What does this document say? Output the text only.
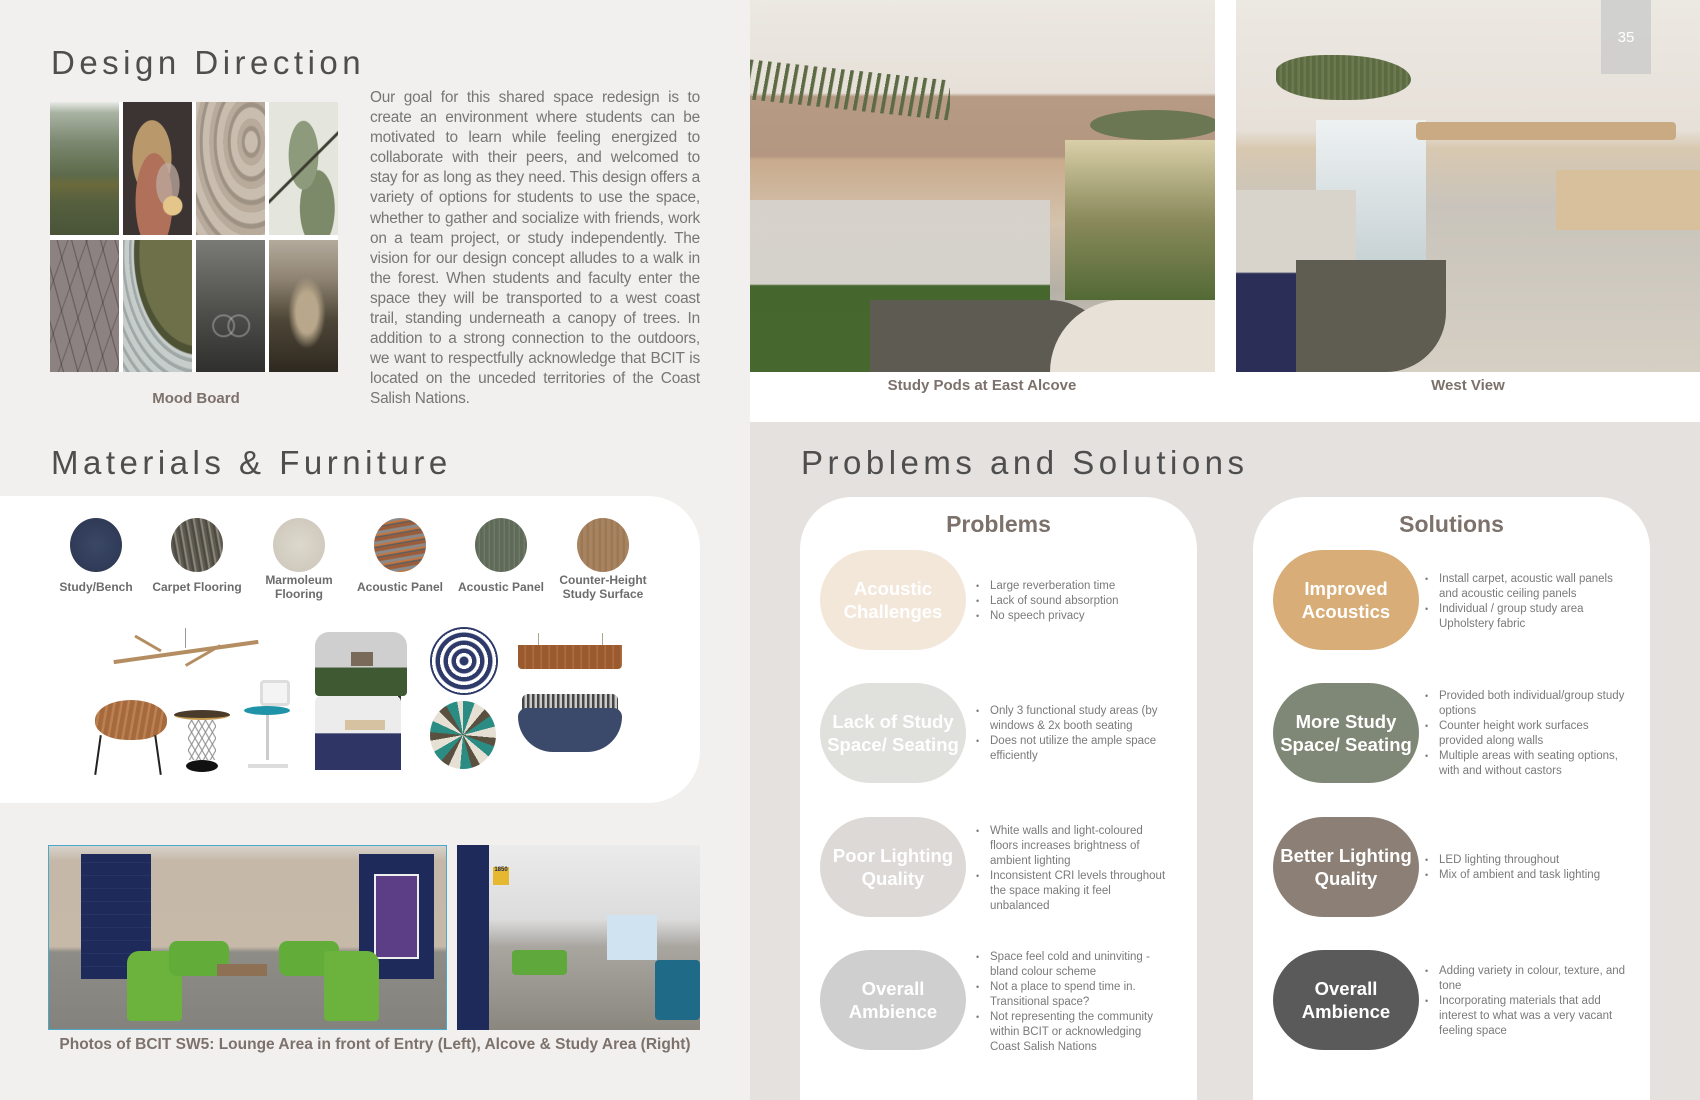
Design Direction
Mood Board

Our goal for this shared space redesign is to create an environment where students can be motivated to learn while feeling energized to collaborate with their peers, and welcomed to stay for as long as they need. This design offers a variety of options for students to use the space, whether to gather and socialize with friends, work on a team project, or study independently. The vision for our design concept alludes to a walk in the forest. When students and faculty enter the space they will be transported to a west coast trail, standing underneath a canopy of trees. In addition to a strong connection to the outdoors, we want to respectfully acknowledge that BCIT is located on the unceded territories of the Coast Salish Nations.

35
Study Pods at East Alcove	West View
Materials & Furniture
Study/Bench	Carpet Flooring	Marmoleum Flooring	Acoustic Panel	Acoustic Panel	Counter-Height Study Surface
1850
Photos of BCIT SW5: Lounge Area in front of Entry (Left), Alcove & Study Area (Right)
Problems and Solutions
Problems
Acoustic Challenges
• Large reverberation time
• Lack of sound absorption
• No speech privacy
Lack of Study Space/ Seating
• Only 3 functional study areas (by windows & 2x booth seating
• Does not utilize the ample space efficiently
Poor Lighting Quality
• White walls and light-coloured floors increases brightness of ambient lighting
• Inconsistent CRI levels throughout the space making it feel unbalanced
Overall Ambience
• Space feel cold and uninviting - bland colour scheme
• Not a place to spend time in. Transitional space?
• Not representing the community within BCIT or acknowledging Coast Salish Nations
Solutions
Improved Acoustics
• Install carpet, acoustic wall panels and acoustic ceiling panels
• Individual / group study area Upholstery fabric
More Study Space/ Seating
• Provided both individual/group study options
• Counter height work surfaces provided along walls
• Multiple areas with seating options, with and without castors
Better Lighting Quality
• LED lighting throughout
• Mix of ambient and task lighting
Overall Ambience
• Adding variety in colour, texture, and tone
• Incorporating materials that add interest to what was a very vacant feeling space
